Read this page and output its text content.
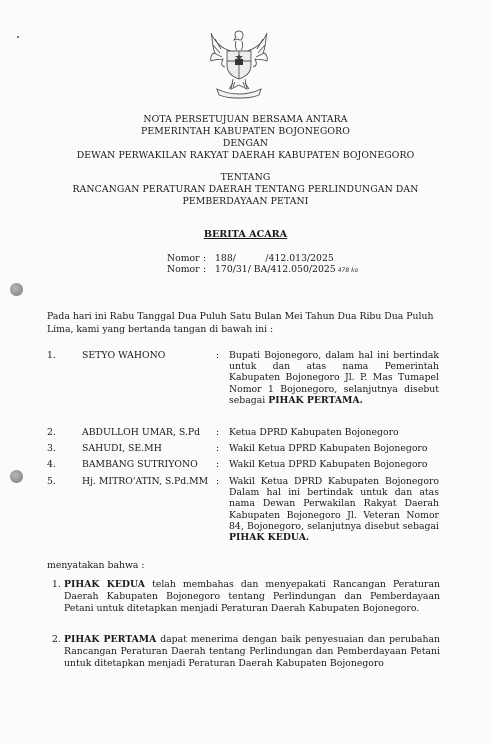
NOTA PERSETUJUAN BERSAMA ANTARA
PEMERINTAH KABUPATEN BOJONEGORO
DENGAN
DEWAN PERWAKILAN RAKYAT DAERAH KABUPATEN BOJONEGORO
TENTANG
RANCANGAN PERATURAN DAERAH TENTANG PERLINDUNGAN DAN
PEMBERDAYAAN PETANI
BERITA ACARA
Nomor : 188/          /412.013/2025
Nomor : 170/31/ BA/412.050/2025 478 ko
Pada hari ini Rabu Tanggal Dua Puluh Satu Bulan Mei Tahun Dua Ribu Dua Puluh Lima, kami yang bertanda tangan di bawah ini :
1.	SETYO WAHONO	: Bupati Bojonegoro, dalam hal ini bertindak untuk dan atas nama Pemerintah Kabupaten Bojonegoro Jl. P. Mas Tumapel Nomor 1 Bojonegoro, selanjutnya disebut sebagai PIHAK PERTAMA.
2.	ABDULLOH UMAR, S.Pd : Ketua DPRD Kabupaten Bojonegoro
3.	SAHUDI, SE.MH	: Wakil Ketua DPRD Kabupaten Bojonegoro
4.	BAMBANG SUTRIYONO : Wakil Ketua DPRD Kabupaten Bojonegoro
5.	Hj. MITRO'ATIN, S.Pd.MM : Wakil Ketua DPRD Kabupaten Bojonegoro Dalam hal ini bertindak untuk dan atas nama Dewan Perwakilan Rakyat Daerah Kabupaten Bojonegoro Jl. Veteran Nomor 84, Bojonegoro, selanjutnya disebut sebagai PIHAK KEDUA.
menyatakan bahwa :
1. PIHAK KEDUA telah membahas dan menyepakati Rancangan Peraturan Daerah Kabupaten Bojonegoro tentang Perlindungan dan Pemberdayaan Petani untuk ditetapkan menjadi Peraturan Daerah Kabupaten Bojonegoro.
2. PIHAK PERTAMA dapat menerima dengan baik penyesuaian dan perubahan Rancangan Peraturan Daerah tentang Perlindungan dan Pemberdayaan Petani untuk ditetapkan menjadi Peraturan Daerah Kabupaten Bojonegoro
